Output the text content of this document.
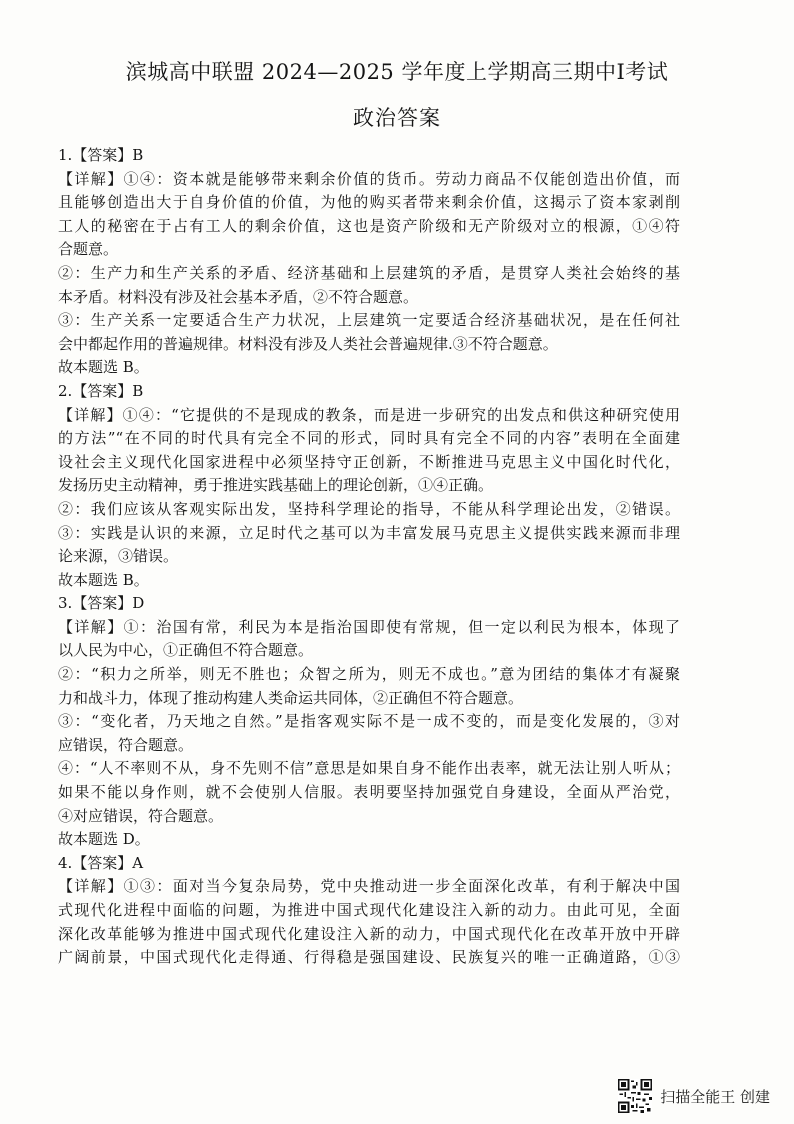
滨城高中联盟 2024—2025 学年度上学期高三期中Ⅰ考试
政治答案
1.【答案】B
【详解】①④：资本就是能够带来剩余价值的货币。劳动力商品不仅能创造出价值，而
且能够创造出大于自身价值的价值，为他的购买者带来剩余价值，这揭示了资本家剥削
工人的秘密在于占有工人的剩余价值，这也是资产阶级和无产阶级对立的根源，①④符
合题意。
②：生产力和生产关系的矛盾、经济基础和上层建筑的矛盾，是贯穿人类社会始终的基
本矛盾。材料没有涉及社会基本矛盾，②不符合题意。
③：生产关系一定要适合生产力状况，上层建筑一定要适合经济基础状况，是在任何社
会中都起作用的普遍规律。材料没有涉及人类社会普遍规律.③不符合题意。
故本题选 B。
2.【答案】B
【详解】①④：“它提供的不是现成的教条，而是进一步研究的出发点和供这种研究使用
的方法”“在不同的时代具有完全不同的形式，同时具有完全不同的内容”表明在全面建
设社会主义现代化国家进程中必须坚持守正创新，不断推进马克思主义中国化时代化，
发扬历史主动精神，勇于推进实践基础上的理论创新，①④正确。
②：我们应该从客观实际出发，坚持科学理论的指导，不能从科学理论出发，②错误。
③：实践是认识的来源，立足时代之基可以为丰富发展马克思主义提供实践来源而非理
论来源，③错误。
故本题选 B。
3.【答案】D
【详解】①：治国有常，利民为本是指治国即使有常规，但一定以利民为根本，体现了
以人民为中心，①正确但不符合题意。
②：“积力之所举，则无不胜也；众智之所为，则无不成也。”意为团结的集体才有凝聚
力和战斗力，体现了推动构建人类命运共同体，②正确但不符合题意。
③：“变化者，乃天地之自然。”是指客观实际不是一成不变的，而是变化发展的，③对
应错误，符合题意。
④：“人不率则不从，身不先则不信”意思是如果自身不能作出表率，就无法让别人听从；
如果不能以身作则，就不会使别人信服。表明要坚持加强党自身建设，全面从严治党，
④对应错误，符合题意。
故本题选 D。
4.【答案】A
【详解】①③：面对当今复杂局势，党中央推动进一步全面深化改革，有利于解决中国
式现代化进程中面临的问题，为推进中国式现代化建设注入新的动力。由此可见，全面
深化改革能够为推进中国式现代化建设注入新的动力，中国式现代化在改革开放中开辟
广阔前景，中国式现代化走得通、行得稳是强国建设、民族复兴的唯一正确道路，①③
扫描全能王 创建
